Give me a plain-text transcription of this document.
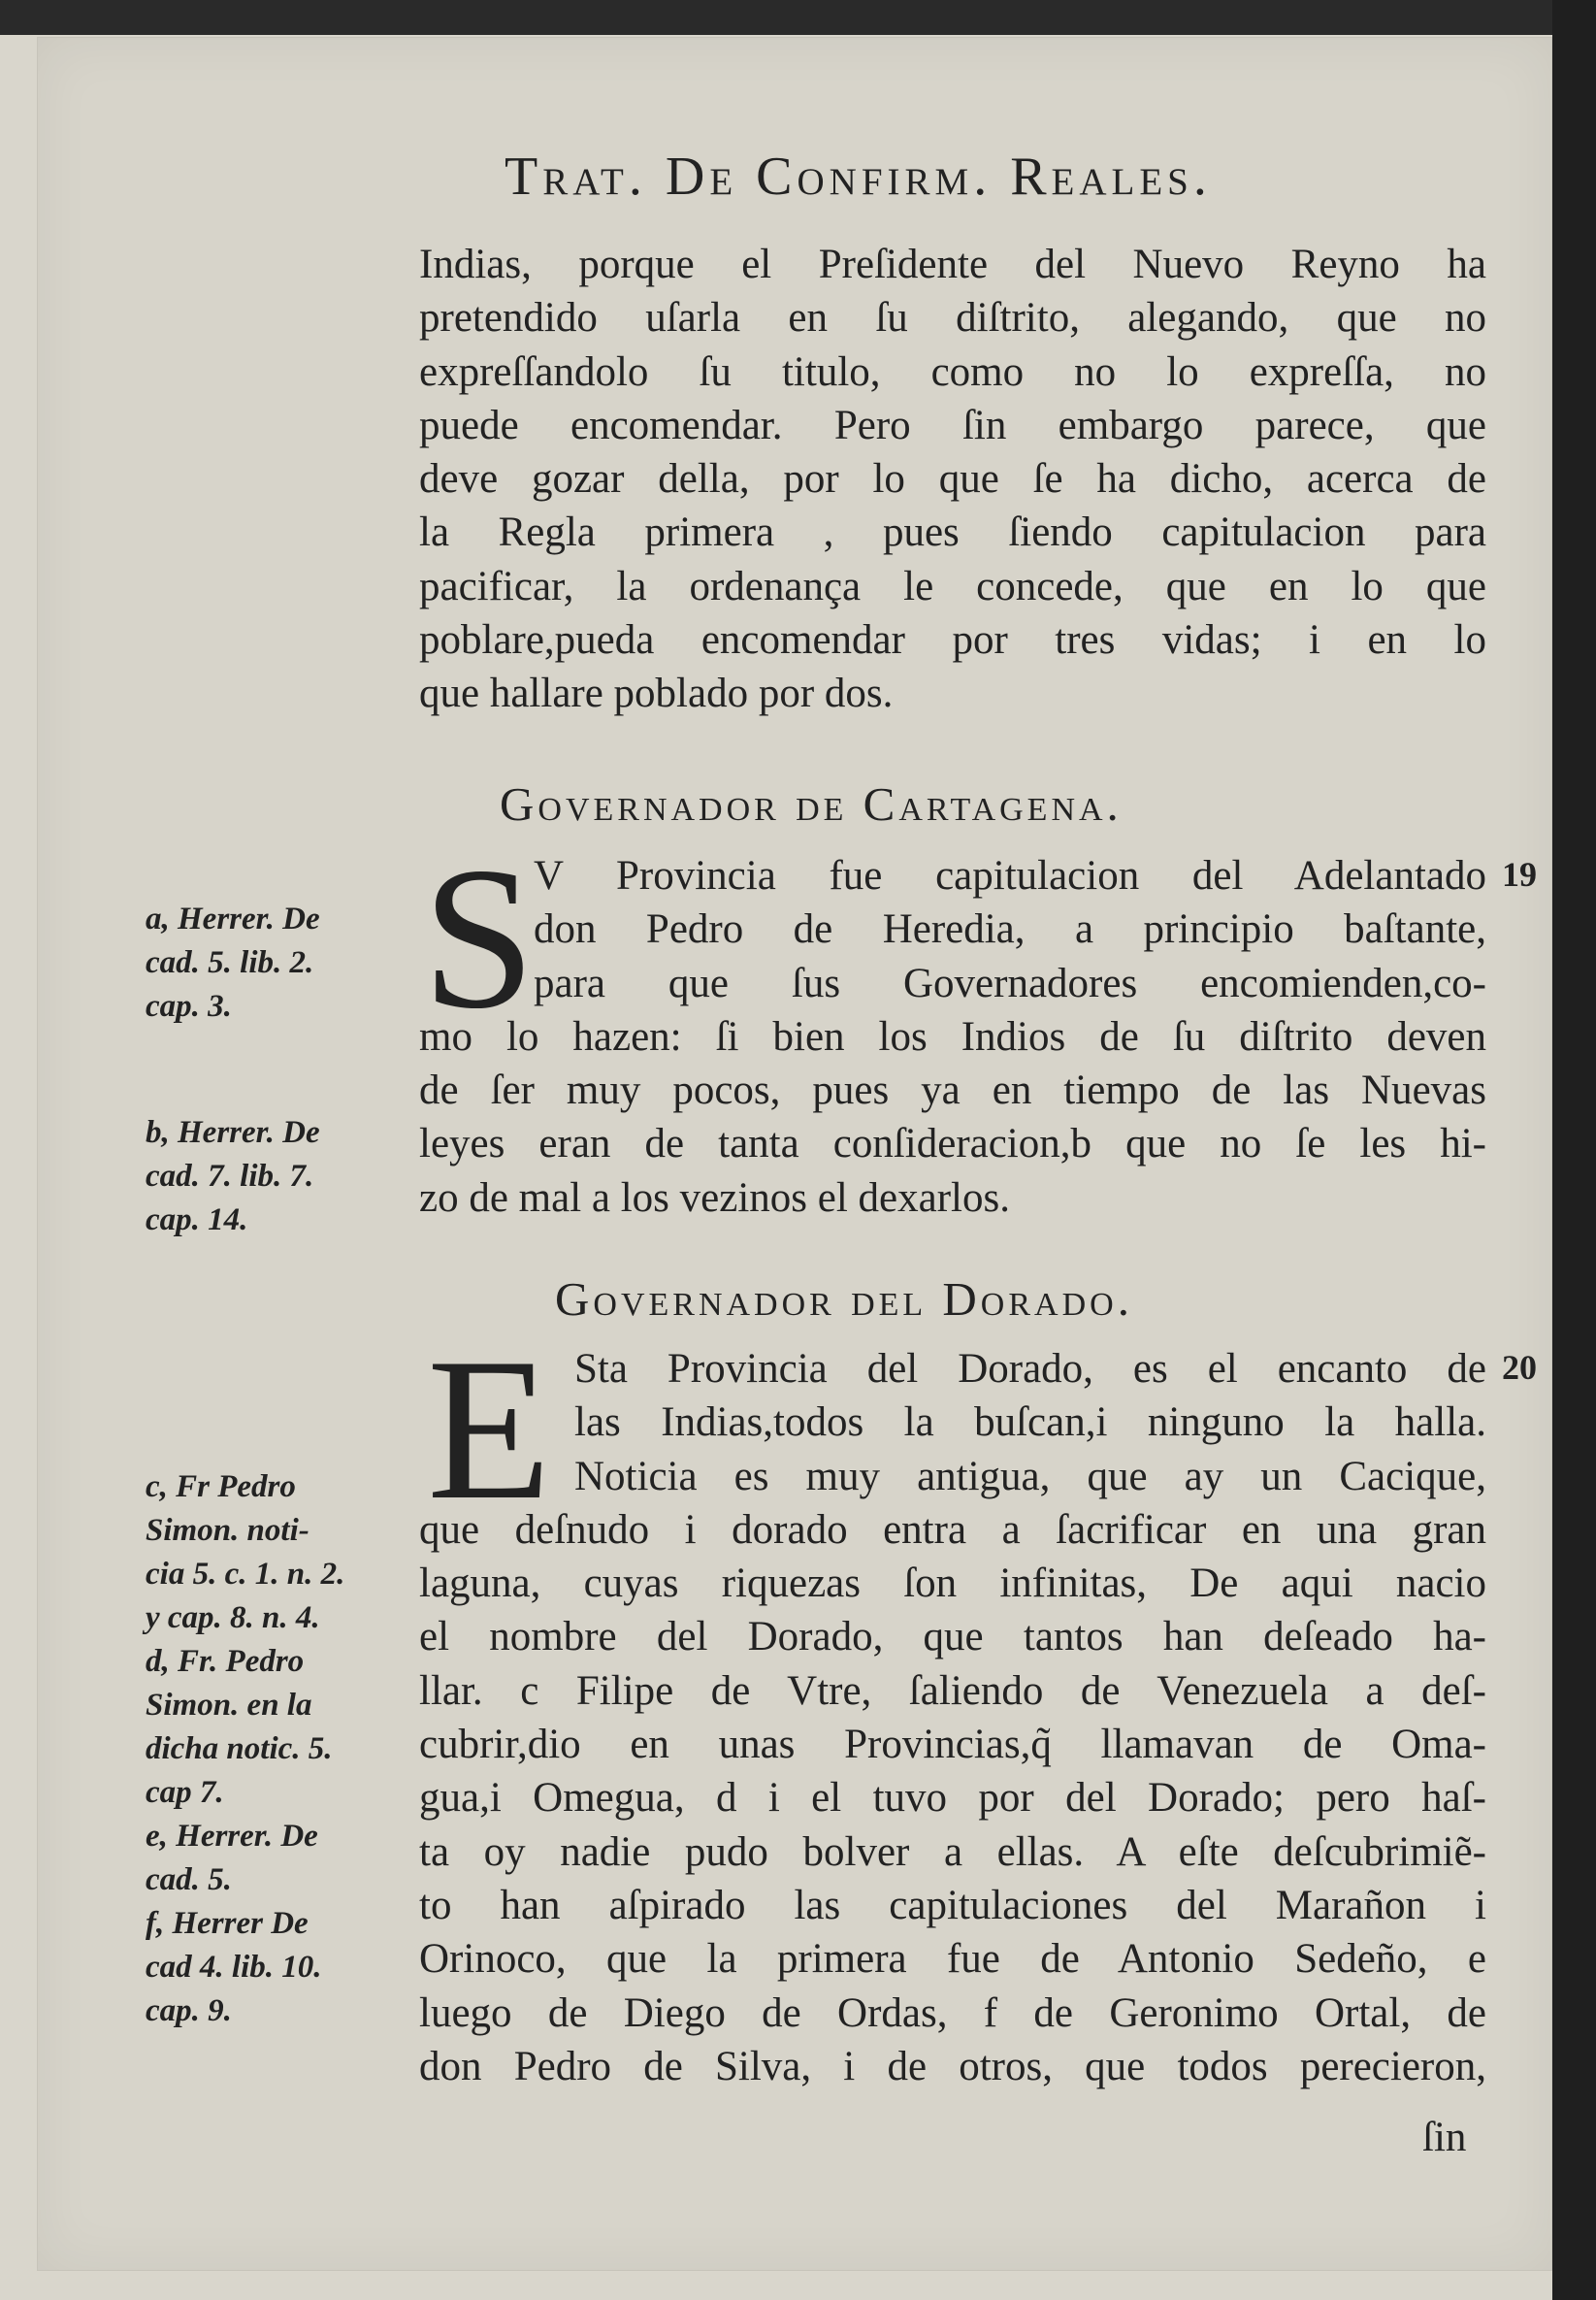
Trat. De Confirm. Reales.
Indias, porque el Preſidente del Nuevo Reyno ha
pretendido uſarla en ſu diſtrito, alegando, que no
expreſſandolo ſu titulo, como no lo expreſſa, no
puede encomendar. Pero ſin embargo parece, que
deve gozar della, por lo que ſe ha dicho, acerca de
la Regla primera , pues ſiendo capitulacion para
pacificar, la ordenança le concede, que en lo que
poblare,pueda encomendar por tres vidas; i en lo
que hallare poblado por dos.
Governador de Cartagena.
S
V Provincia fue capitulacion del Adelantado
don Pedro de Heredia, a principio baſtante,
para que ſus Governadores encomienden,co-
mo lo hazen: ſi bien los Indios de ſu diſtrito deven
de ſer muy pocos, pues ya en tiempo de las Nuevas
leyes eran de tanta conſideracion,b que no ſe les hi-
zo de mal a los vezinos el dexarlos.
19
Governador del Dorado.
E Sta Provincia del Dorado, es el encanto de
las Indias,todos la buſcan,i ninguno la halla.
Noticia es muy antigua, que ay un Cacique,
que deſnudo i dorado entra a ſacrificar en una gran
laguna, cuyas riquezas ſon infinitas, De aqui nacio
el nombre del Dorado, que tantos han deſeado ha-
llar. c Filipe de Vtre, ſaliendo de Venezuela a deſ-
cubrir,dio en unas Provincias,q̃ llamavan de Oma-
gua,i Omegua, d i el tuvo por del Dorado; pero haſ-
ta oy nadie pudo bolver a ellas. A eſte deſcubrimiẽ-
to han aſpirado las capitulaciones del Marañon i
Orinoco, que la primera fue de Antonio Sedeño, e
luego de Diego de Ordas, f de Geronimo Ortal, de
don Pedro de Silva, i de otros, que todos perecieron,
20
ſin
a, Herrer. De
cad. 5. lib. 2.
cap. 3.
b, Herrer. De
cad. 7. lib. 7.
cap. 14.
c, Fr Pedro
Simon. noti-
cia 5. c. 1. n. 2.
y cap. 8. n. 4.
d, Fr. Pedro
Simon. en la
dicha notic. 5.
cap 7.
e, Herrer. De
cad. 5.
f, Herrer De
cad 4. lib. 10.
cap. 9.
